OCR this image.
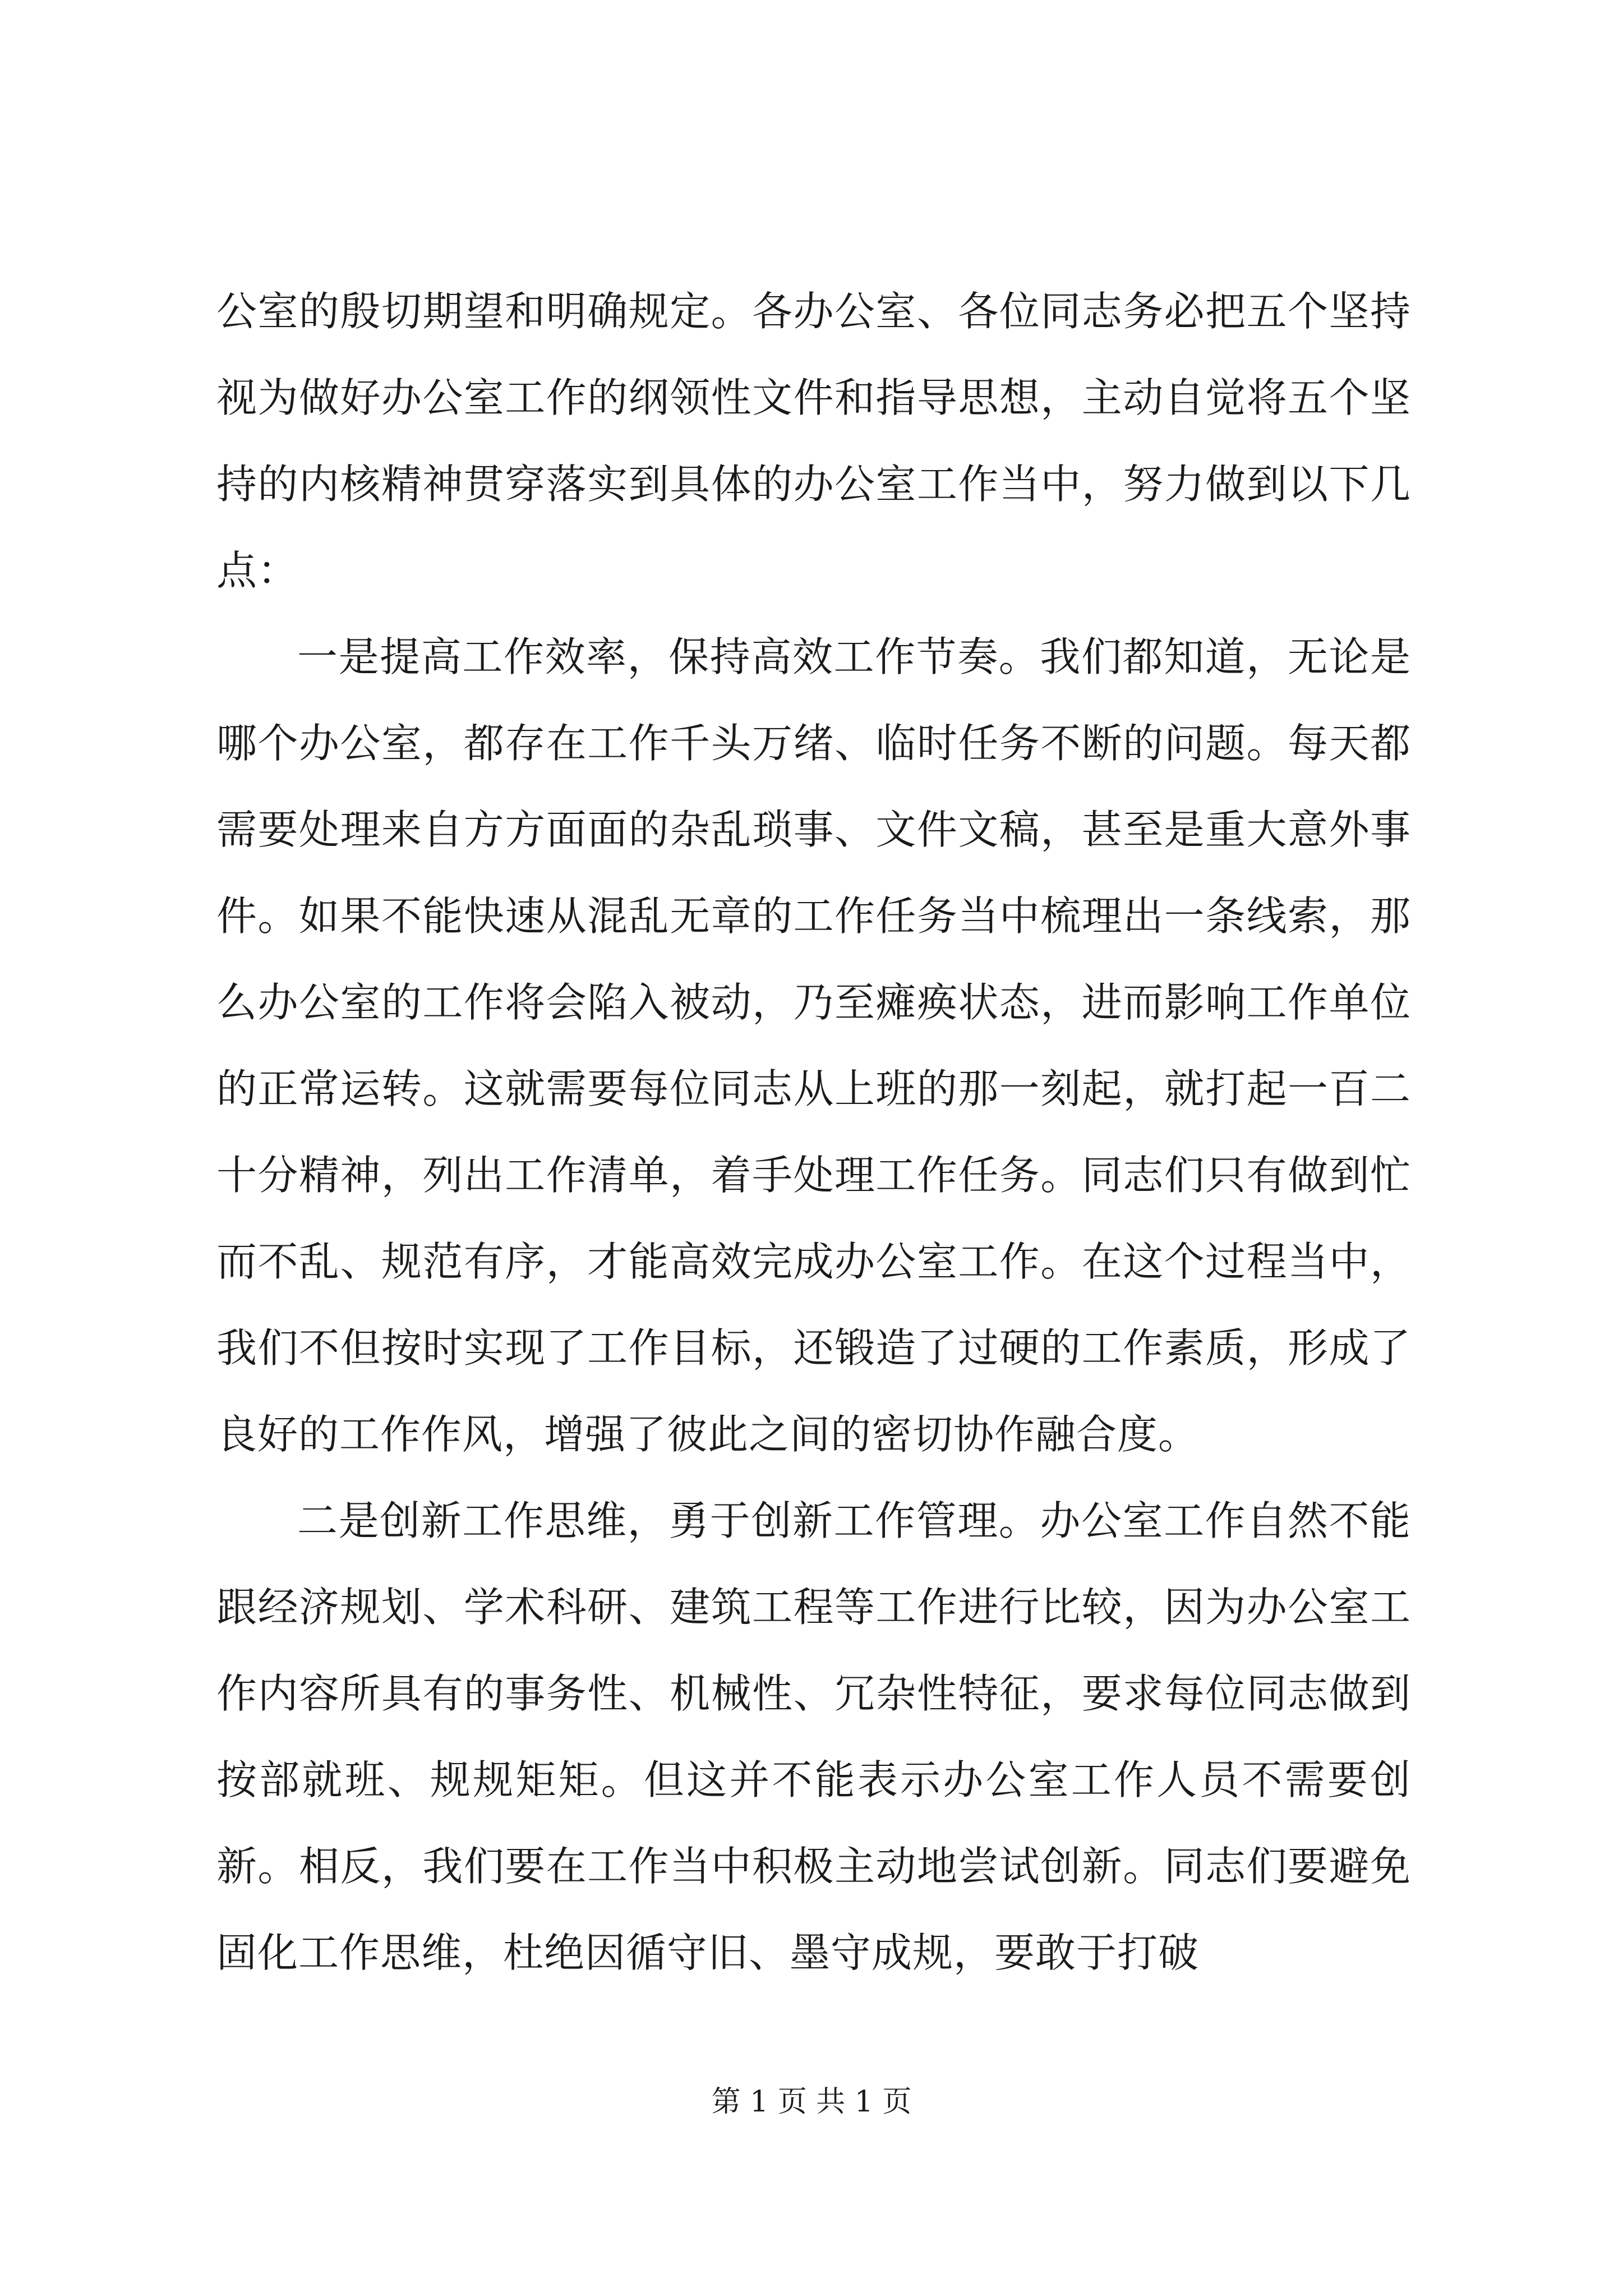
公室的殷切期望和明确规定。各办公室、各位同志务必把五个坚持视为做好办公室工作的纲领性文件和指导思想，主动自觉将五个坚持的内核精神贯穿落实到具体的办公室工作当中，努力做到以下几点：

一是提高工作效率，保持高效工作节奏。我们都知道，无论是哪个办公室，都存在工作千头万绪、临时任务不断的问题。每天都需要处理来自方方面面的杂乱琐事、文件文稿，甚至是重大意外事件。如果不能快速从混乱无章的工作任务当中梳理出一条线索，那么办公室的工作将会陷入被动，乃至瘫痪状态，进而影响工作单位的正常运转。这就需要每位同志从上班的那一刻起，就打起一百二十分精神，列出工作清单，着手处理工作任务。同志们只有做到忙而不乱、规范有序，才能高效完成办公室工作。在这个过程当中，我们不但按时实现了工作目标，还锻造了过硬的工作素质，形成了良好的工作作风，增强了彼此之间的密切协作融合度。

二是创新工作思维，勇于创新工作管理。办公室工作自然不能跟经济规划、学术科研、建筑工程等工作进行比较，因为办公室工作内容所具有的事务性、机械性、冗杂性特征，要求每位同志做到按部就班、规规矩矩。但这并不能表示办公室工作人员不需要创新。相反，我们要在工作当中积极主动地尝试创新。同志们要避免固化工作思维，杜绝因循守旧、墨守成规，要敢于打破

第 1 页 共 1 页
